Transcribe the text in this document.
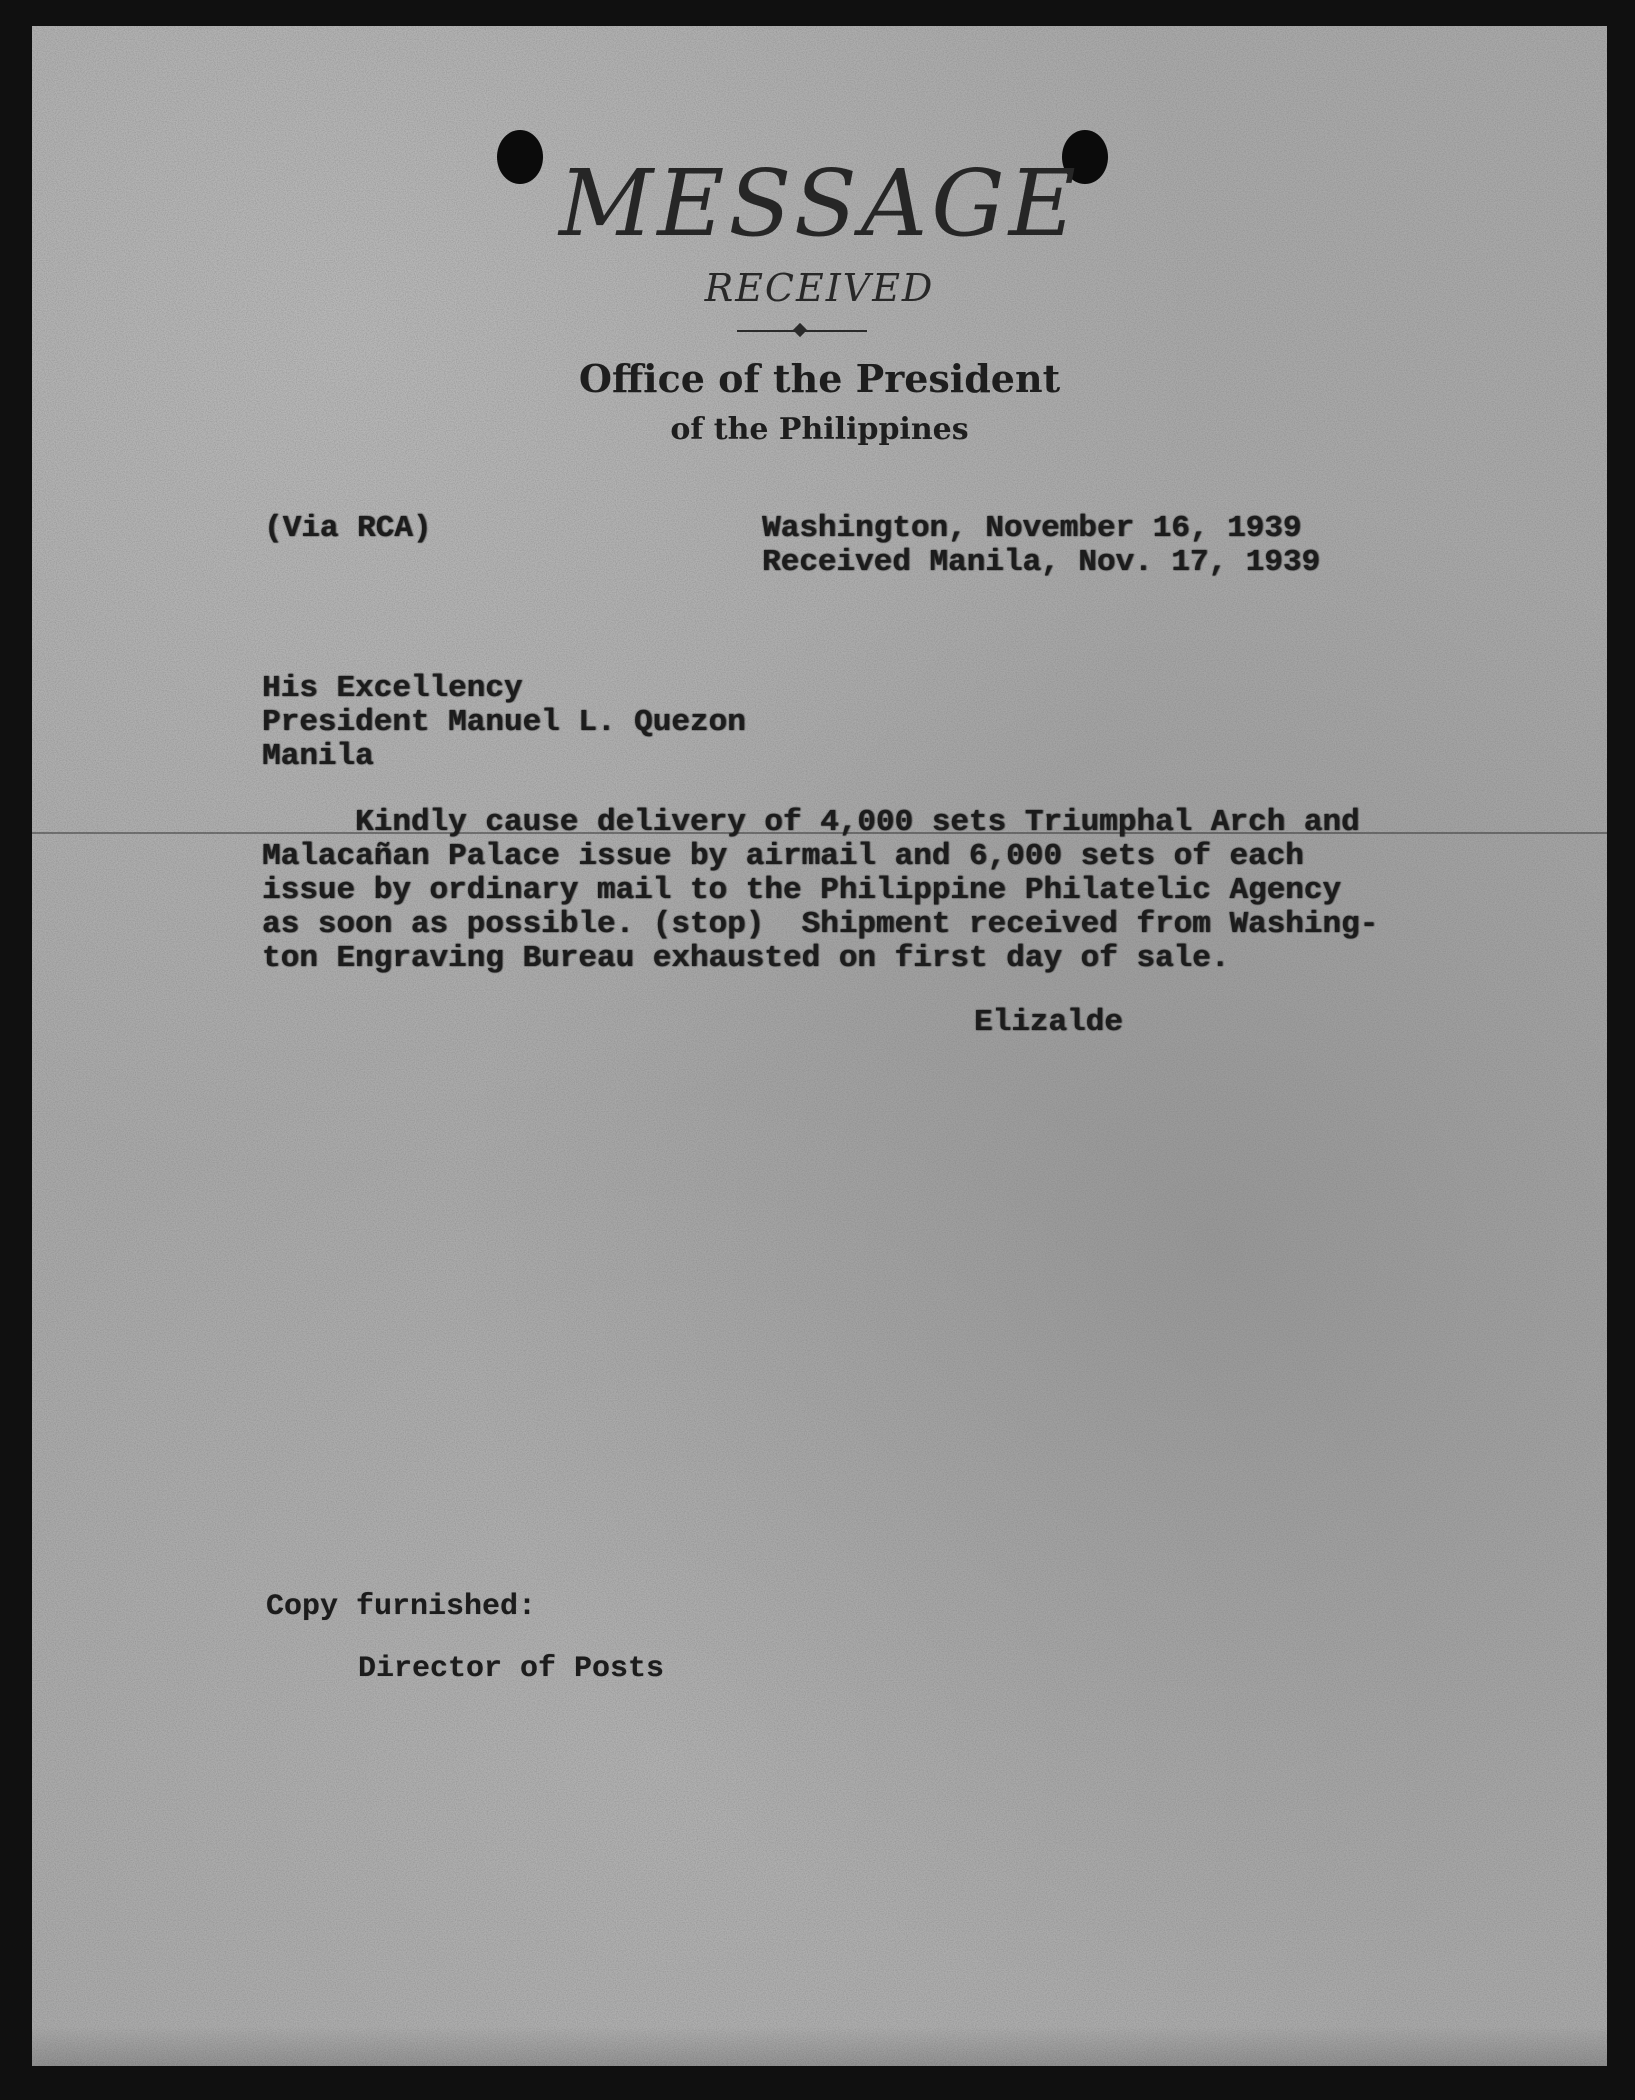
MESSAGE
RECEIVED
Office of the President
of the Philippines
(Via RCA)	Washington, November 16, 1939
Received Manila, Nov. 17, 1939
His Excellency
President Manuel L. Quezon
Manila
Kindly cause delivery of 4,000 sets Triumphal Arch and
Malacañan Palace issue by airmail and 6,000 sets of each
issue by ordinary mail to the Philippine Philatelic Agency
as soon as possible. (stop)  Shipment received from Washing-
ton Engraving Bureau exhausted on first day of sale.
Elizalde
Copy furnished:
Director of Posts
